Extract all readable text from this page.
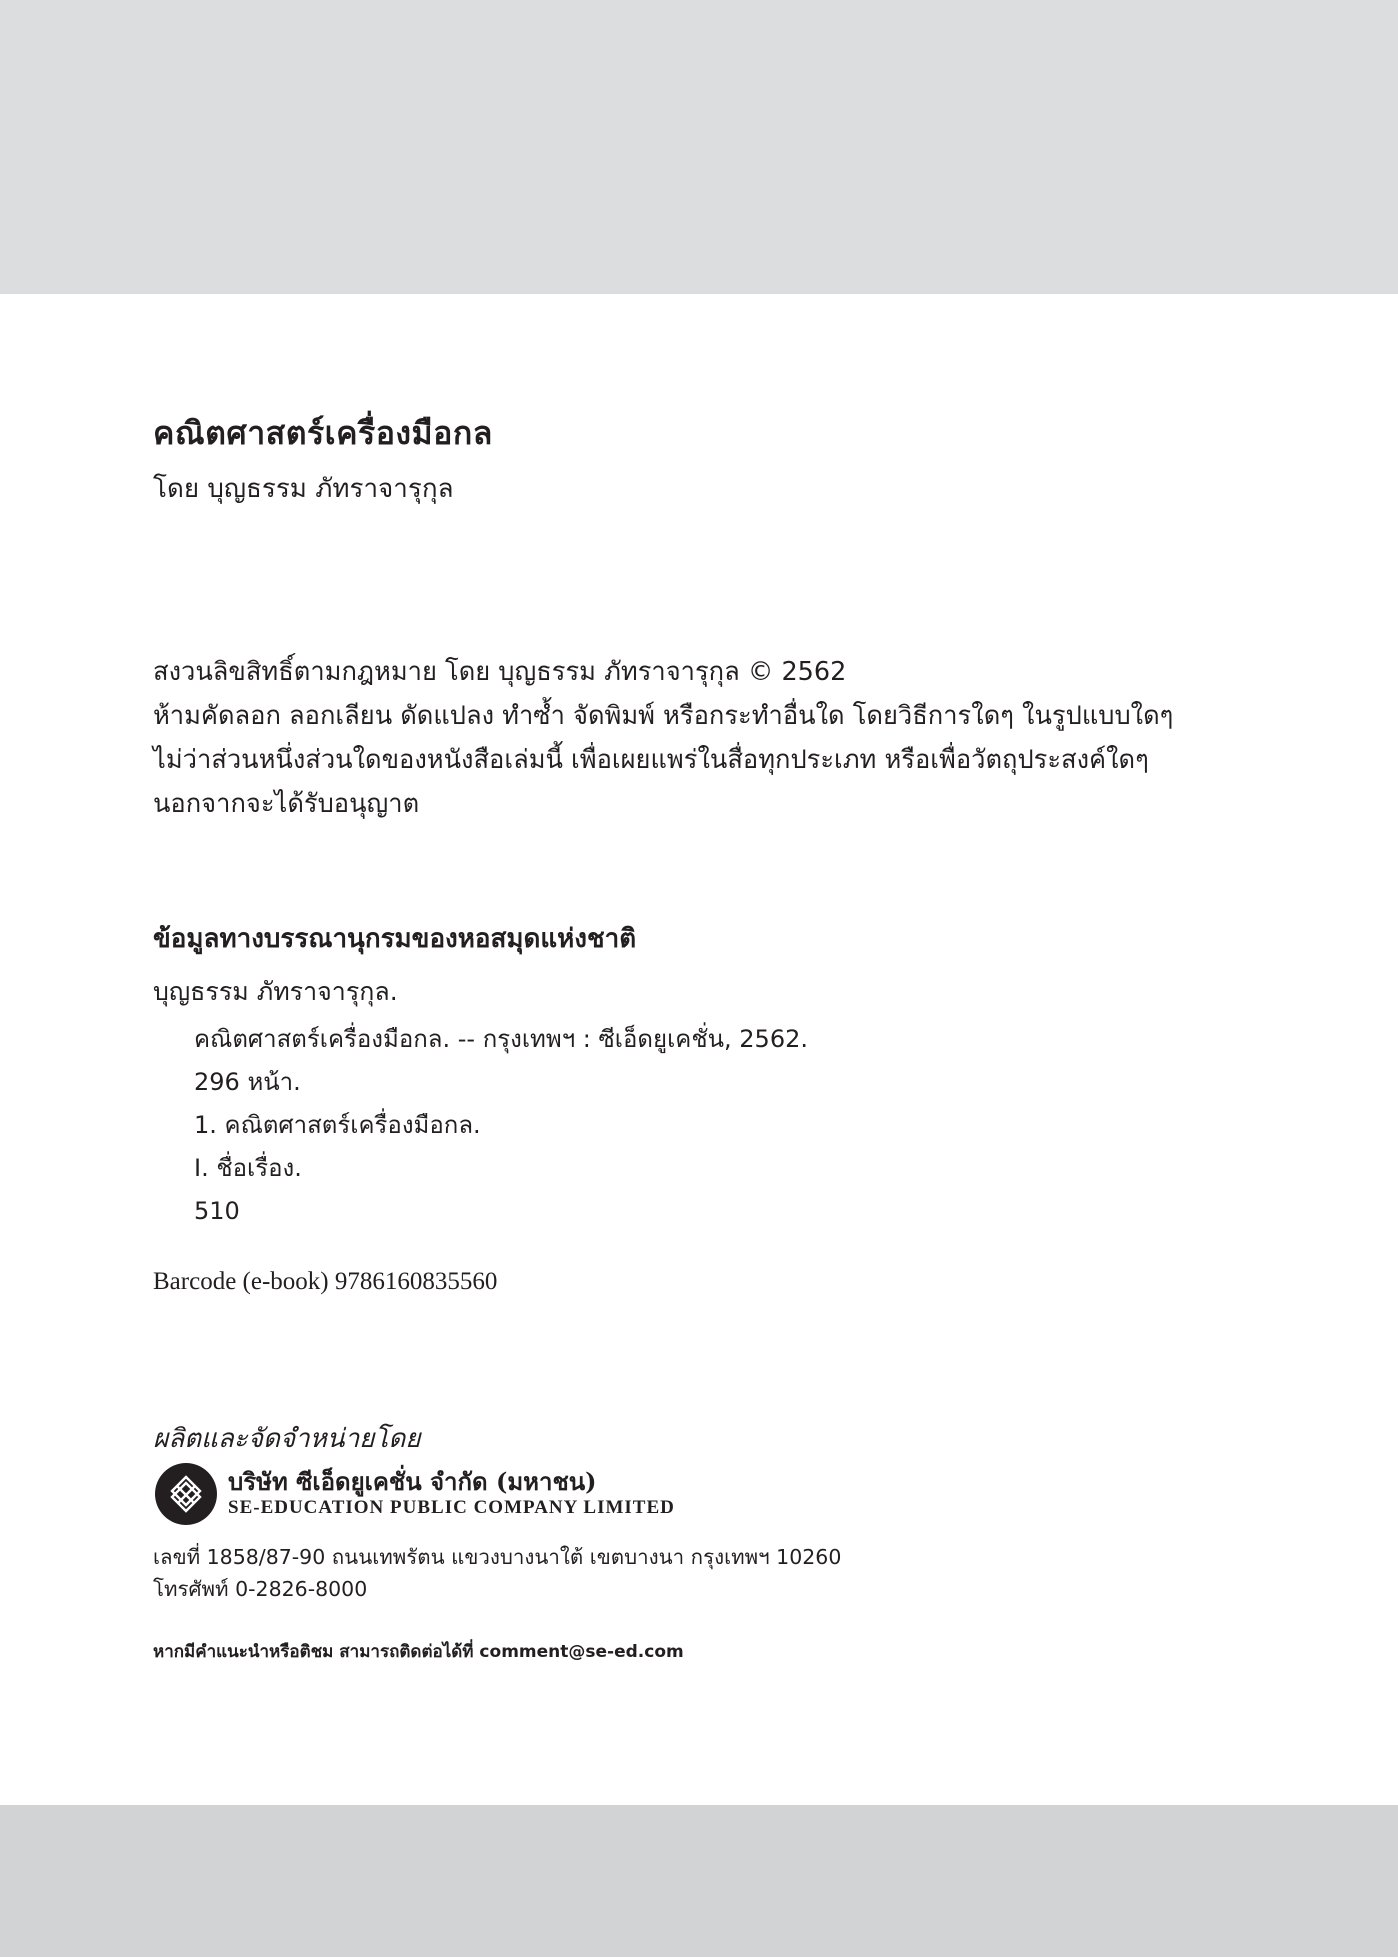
คณิตศาสตร์เครื่องมือกล
โดย บุญธรรม ภัทราจารุกุล
สงวนลิขสิทธิ์ตามกฎหมาย โดย บุญธรรม ภัทราจารุกุล © 2562
ห้ามคัดลอก ลอกเลียน ดัดแปลง ทำซ้ำ จัดพิมพ์ หรือกระทำอื่นใด โดยวิธีการใดๆ ในรูปแบบใดๆ
ไม่ว่าส่วนหนึ่งส่วนใดของหนังสือเล่มนี้ เพื่อเผยแพร่ในสื่อทุกประเภท หรือเพื่อวัตถุประสงค์ใดๆ
นอกจากจะได้รับอนุญาต
ข้อมูลทางบรรณานุกรมของหอสมุดแห่งชาติ
บุญธรรม ภัทราจารุกุล.
คณิตศาสตร์เครื่องมือกล. -- กรุงเทพฯ : ซีเอ็ดยูเคชั่น, 2562.
296 หน้า.
1. คณิตศาสตร์เครื่องมือกล.
I. ชื่อเรื่อง.
510
Barcode (e-book) 9786160835560
ผลิตและจัดจำหน่ายโดย
บริษัท ซีเอ็ดยูเคชั่น จำกัด (มหาชน)
SE-EDUCATION PUBLIC COMPANY LIMITED
เลขที่ 1858/87-90 ถนนเทพรัตน แขวงบางนาใต้ เขตบางนา กรุงเทพฯ 10260
โทรศัพท์ 0-2826-8000
หากมีคำแนะนำหรือติชม สามารถติดต่อได้ที่ comment@se-ed.com
